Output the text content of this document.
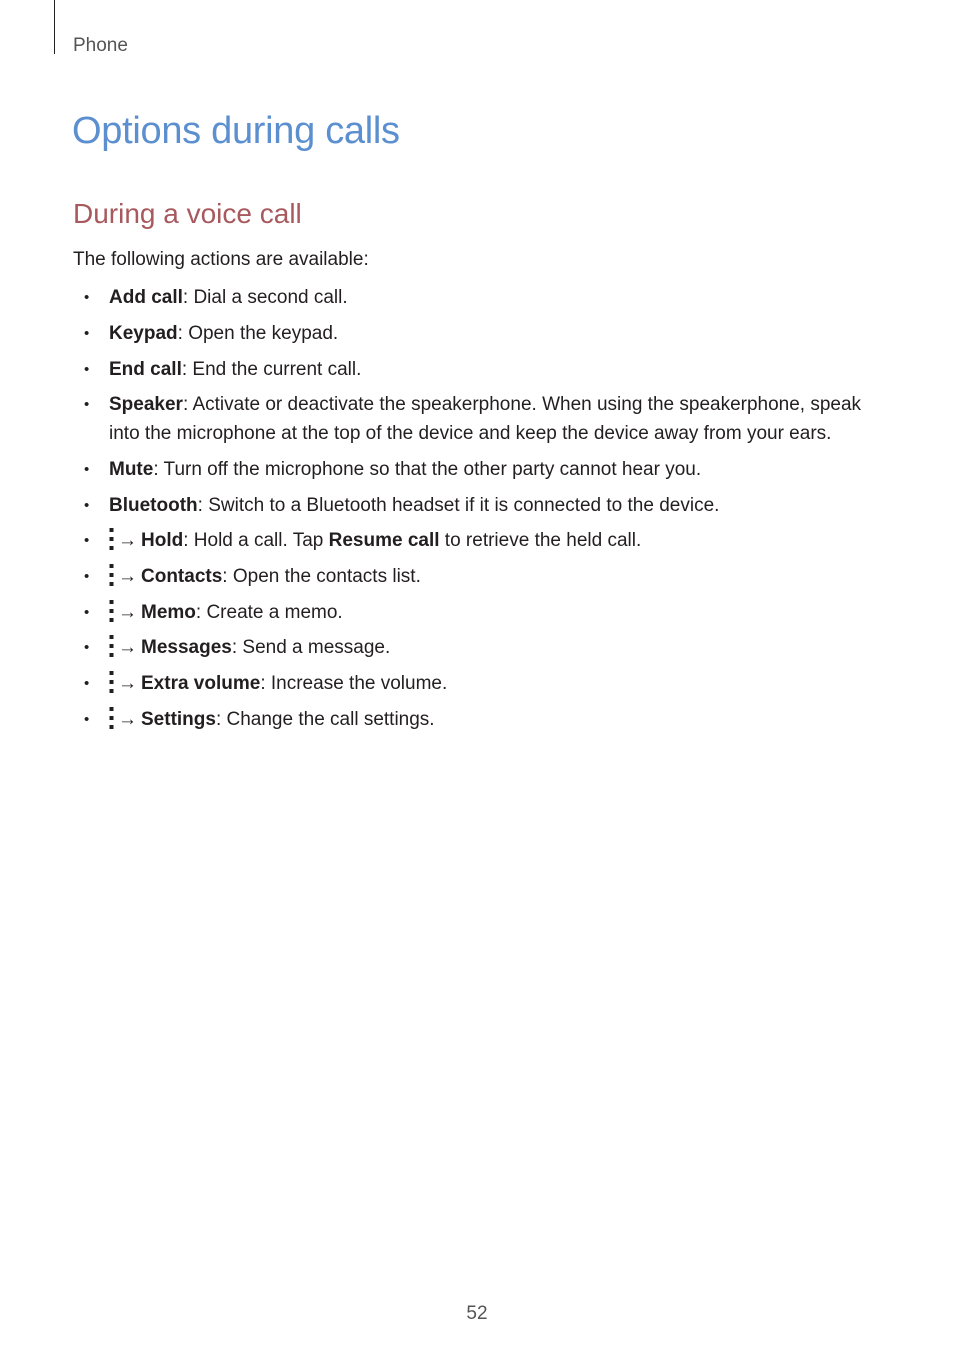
Phone
Options during calls
During a voice call

The following actions are available:

• Add call: Dial a second call.
• Keypad: Open the keypad.
• End call: End the current call.
• Speaker: Activate or deactivate the speakerphone. When using the speakerphone, speak into the microphone at the top of the device and keep the device away from your ears.
• Mute: Turn off the microphone so that the other party cannot hear you.
• Bluetooth: Switch to a Bluetooth headset if it is connected to the device.
• → Hold: Hold a call. Tap Resume call to retrieve the held call.
• → Contacts: Open the contacts list.
• → Memo: Create a memo.
• → Messages: Send a message.
• → Extra volume: Increase the volume.
• → Settings: Change the call settings.
52
